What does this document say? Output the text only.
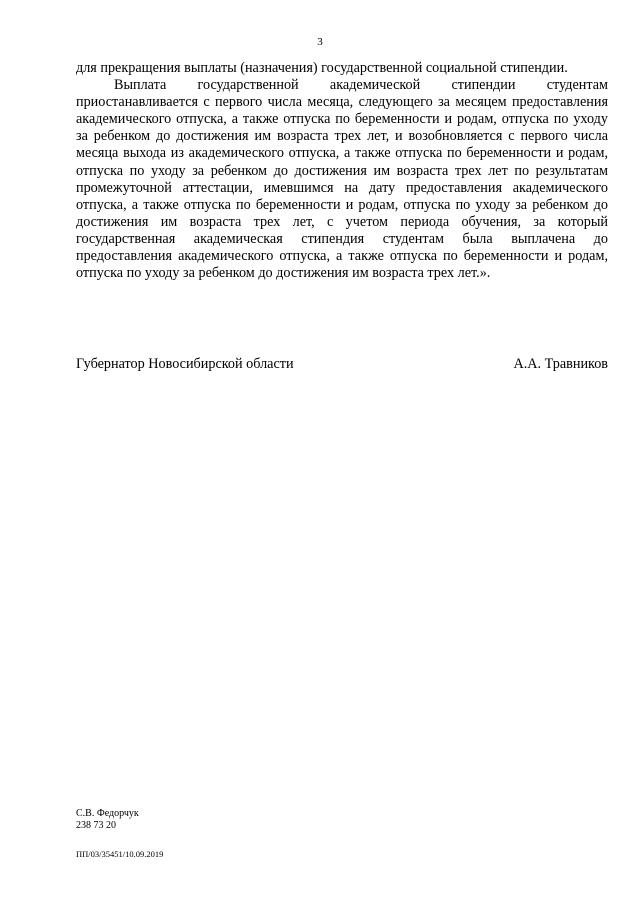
3

для прекращения выплаты (назначения) государственной социальной стипендии.

Выплата государственной академической стипендии студентам приостанавливается с первого числа месяца, следующего за месяцем предоставления академического отпуска, а также отпуска по беременности и родам, отпуска по уходу за ребенком до достижения им возраста трех лет, и возобновляется с первого числа месяца выхода из академического отпуска, а также отпуска по беременности и родам, отпуска по уходу за ребенком до достижения им возраста трех лет по результатам промежуточной аттестации, имевшимся на дату предоставления академического отпуска, а также отпуска по беременности и родам, отпуска по уходу за ребенком до достижения им возраста трех лет, с учетом периода обучения, за который государственная академическая стипендия студентам была выплачена до предоставления академического отпуска, а также отпуска по беременности и родам, отпуска по уходу за ребенком до достижения им возраста трех лет.».

Губернатор Новосибирской области	А.А. Травников
С.В. Федорчук
238 73 20
ПП/03/35451/10.09.2019
